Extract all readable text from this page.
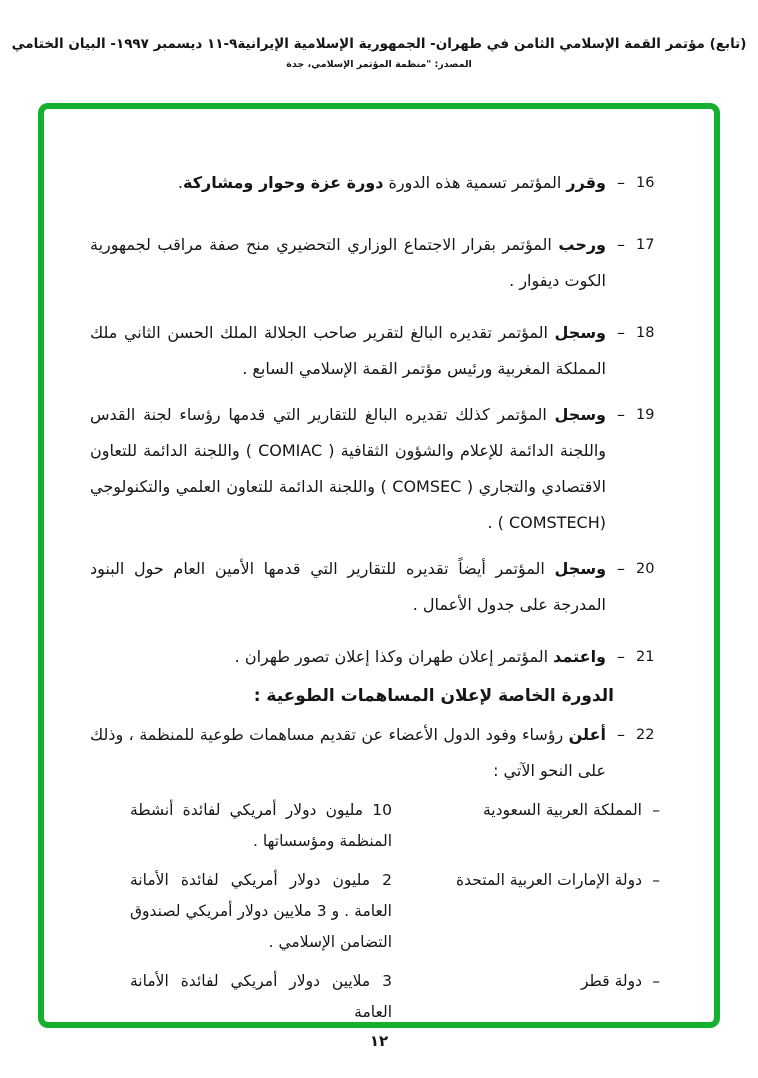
(تابع) مؤتمر القمة الإسلامي الثامن في طهران- الجمهورية الإسلامية الإيرانية٩-١١ ديسمبر ١٩٩٧- البيان الختامي
المصدر: "منظمة المؤتمر الإسلامي، جدة
16
–

وقرر المؤتمر تسمية هذه الدورة دورة عزة وحوار ومشاركة.

17
–

ورحب المؤتمر بقرار الاجتماع الوزاري التحضيري منح صفة مراقب لجمهورية الكوت ديفوار .

18
–

وسجل المؤتمر تقديره البالغ لتقرير صاحب الجلالة الملك الحسن الثاني ملك المملكة المغربية ورئيس مؤتمر القمة الإسلامي السابع .

19
–

وسجل المؤتمر كذلك تقديره البالغ للتقارير التي قدمها رؤساء لجنة القدس واللجنة الدائمة للإعلام والشؤون الثقافية ( COMIAC ) واللجنة الدائمة للتعاون الاقتصادي والتجاري ( COMSEC ) واللجنة الدائمة للتعاون العلمي والتكنولوجي (COMSTECH ) .

20
–

وسجل المؤتمر أيضاً تقديره للتقارير التي قدمها الأمين العام حول البنود المدرجة على جدول الأعمال .

21
–

واعتمد المؤتمر إعلان طهران وكذا إعلان تصور طهران .

الدورة الخاصة لإعلان المساهمات الطوعية :
22
–

أعلن رؤساء وفود الدول الأعضاء عن تقديم مساهمات طوعية للمنظمة ، وذلك على النحو الآتي :

–
المملكة العربية السعودية

10 مليون دولار أمريكي لفائدة أنشطة المنظمة ومؤسساتها .

–
دولة الإمارات العربية المتحدة

2 مليون دولار أمريكي لفائدة الأمانة العامة . و 3 ملايين دولار أمريكي لصندوق التضامن الإسلامي .

–
دولة قطر

3 ملايين دولار أمريكي لفائدة الأمانة العامة

١٢
